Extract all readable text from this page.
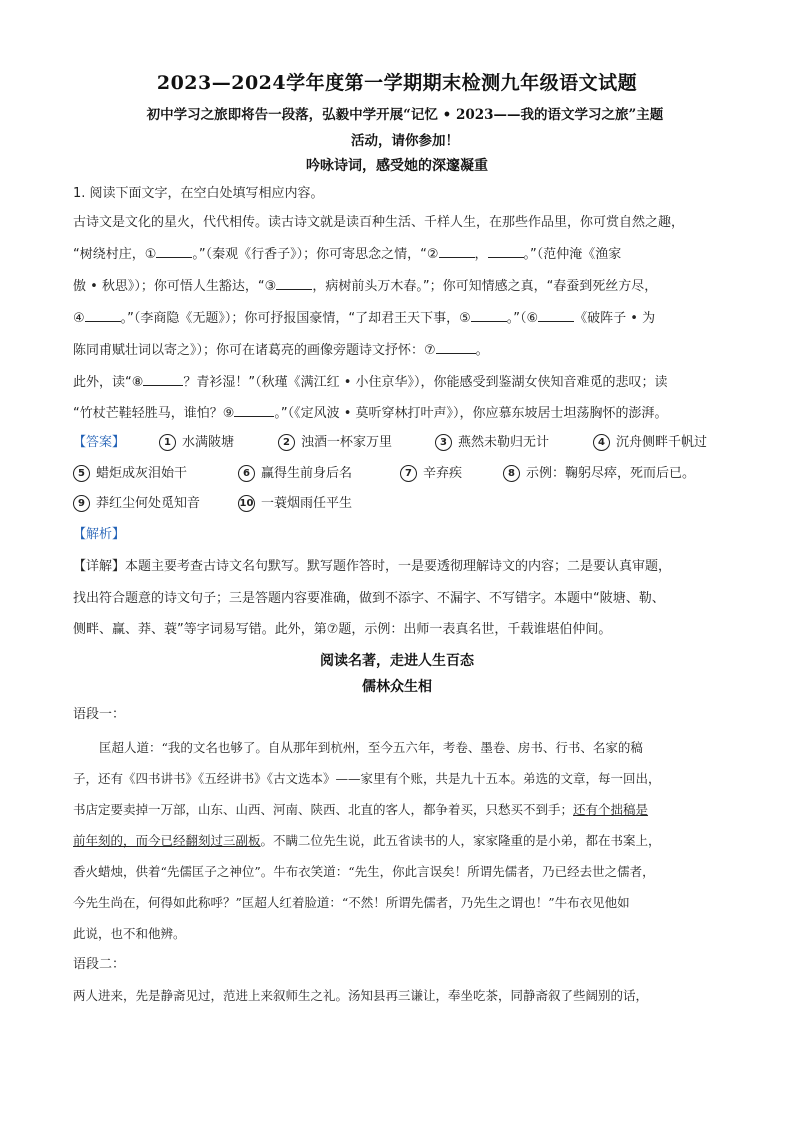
2023—2024学年度第一学期期末检测九年级语文试题
初中学习之旅即将告一段落，弘毅中学开展“记忆 • 2023——我的语文学习之旅”主题
活动，请你参加！
吟咏诗词，感受她的深邃凝重
1. 阅读下面文字，在空白处填写相应内容。
古诗文是文化的星火，代代相传。读古诗文就是读百种生活、千样人生，在那些作品里，你可赏自然之趣，
“树绕村庄，①	。”（秦观《行香子》）；你可寄思念之情，“②	，	。”（范仲淹《渔家
傲 • 秋思》）；你可悟人生豁达，“③	，病树前头万木春。”；你可知情感之真，“春蚕到死丝方尽，
④	。”（李商隐《无题》）；你可抒报国豪情，“了却君王天下事，⑤	。”（⑥	《破阵子 • 为
陈同甫赋壮词以寄之》）；你可在诸葛亮的画像旁题诗文抒怀：⑦	。
此外，读“⑧	？青衫湿！”（秋瑾《满江红 • 小住京华》），你能感受到鉴湖女侠知音难觅的悲叹；读
“竹杖芒鞋轻胜马，谁怕？⑨	。”（《定风波 • 莫听穿林打叶声》），你应慕东坡居士坦荡胸怀的澎湃。
【答案】	1 水满陂塘	2 浊酒一杯家万里	3 燕然未勒归无计	4 沉舟侧畔千帆过
5 蜡炬成灰泪始干	6 赢得生前身后名	7 辛弃疾	8 示例：鞠躬尽瘁，死而后已。
9 莽红尘何处觅知音	10 一蓑烟雨任平生
【解析】
【详解】本题主要考查古诗文名句默写。默写题作答时，一是要透彻理解诗文的内容；二是要认真审题，
找出符合题意的诗文句子；三是答题内容要准确，做到不添字、不漏字、不写错字。本题中“陂塘、勒、
侧畔、赢、莽、蓑”等字词易写错。此外，第⑦题，示例：出师一表真名世，千载谁堪伯仲间。
阅读名著，走进人生百态
儒林众生相
语段一：
匡超人道：“我的文名也够了。自从那年到杭州，至今五六年，考卷、墨卷、房书、行书、名家的稿
子，还有《四书讲书》《五经讲书》《古文选本》——家里有个账，共是九十五本。弟选的文章，每一回出，
书店定要卖掉一万部，山东、山西、河南、陕西、北直的客人，都争着买，只愁买不到手；还有个拙稿是
前年刻的，而今已经翻刻过三副板。不瞒二位先生说，此五省读书的人，家家隆重的是小弟，都在书案上，
香火蜡烛，供着“先儒匡子之神位”。牛布衣笑道：“先生，你此言误矣！所谓先儒者，乃已经去世之儒者，
今先生尚在，何得如此称呼？”匡超人红着脸道：“不然！所谓先儒者，乃先生之谓也！”牛布衣见他如
此说，也不和他辨。
语段二：
两人进来，先是静斋见过，范进上来叙师生之礼。汤知县再三谦让，奉坐吃茶，同静斋叙了些阔别的话，
